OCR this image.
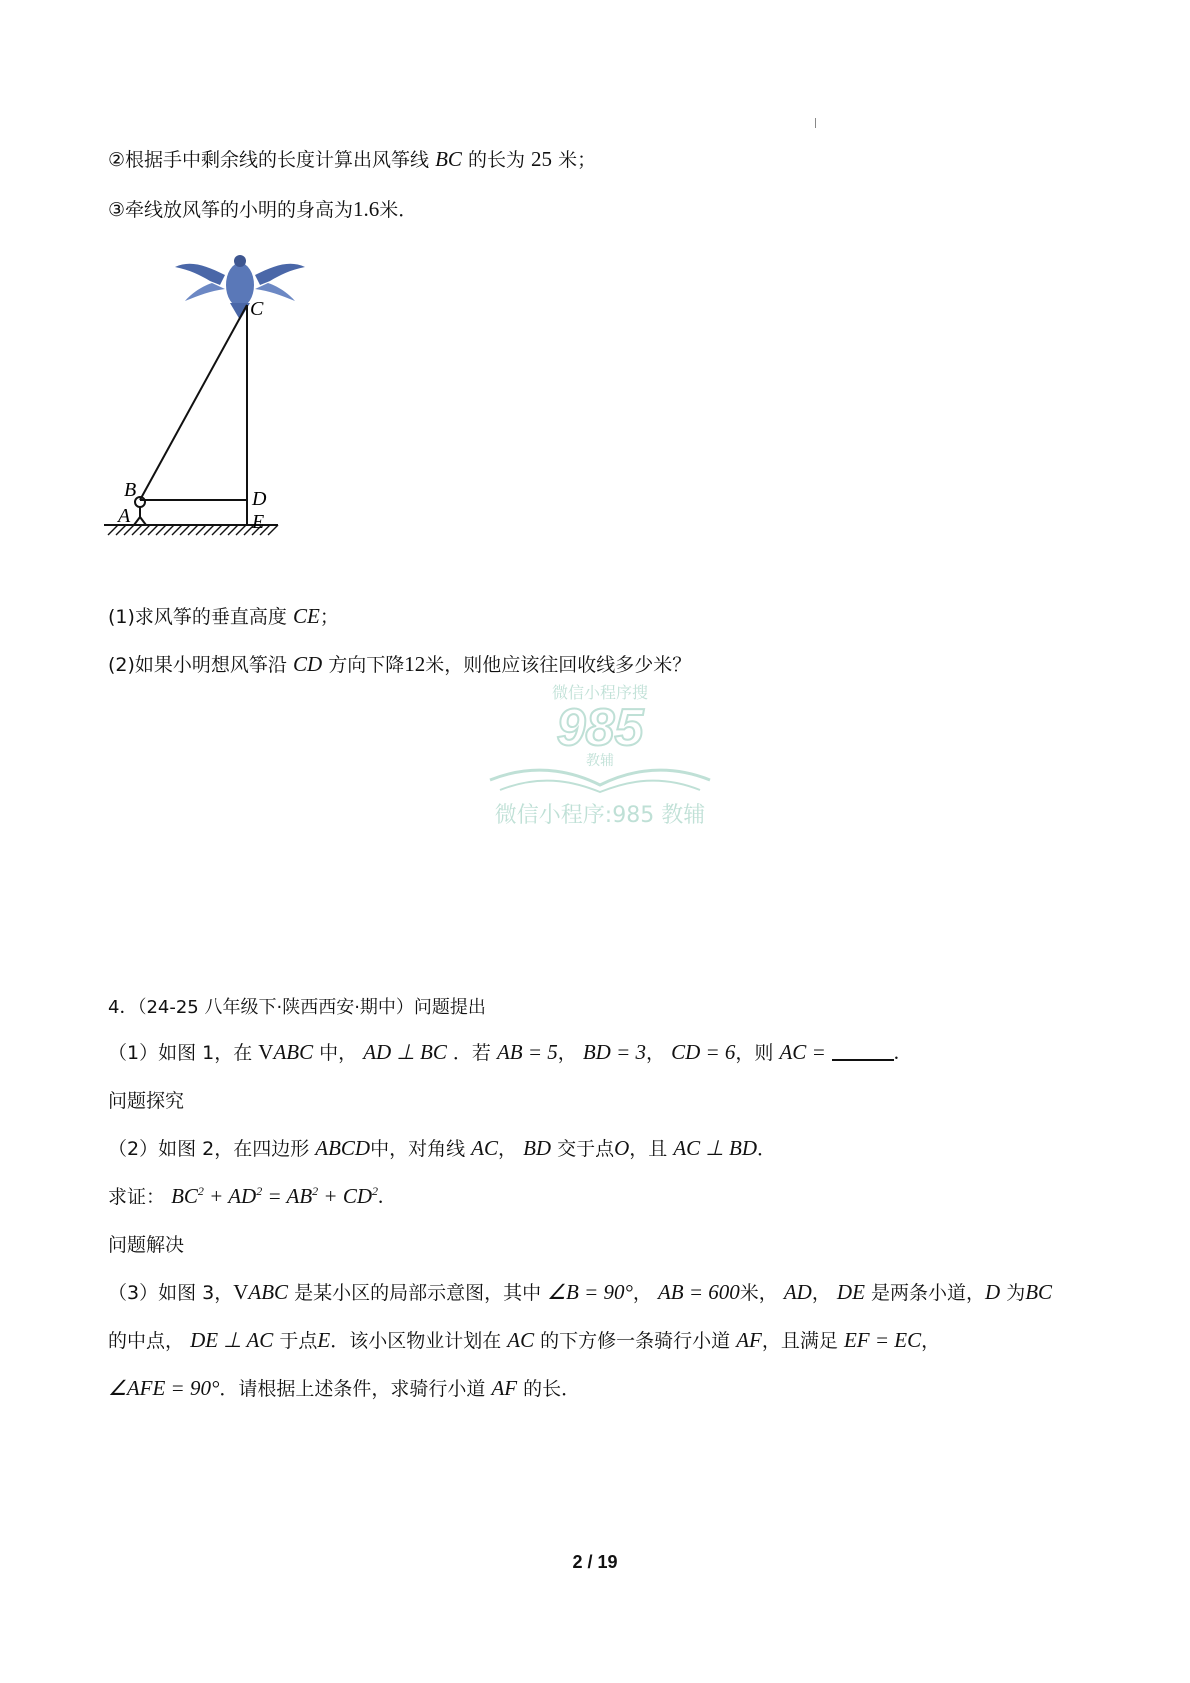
②根据手中剩余线的长度计算出风筝线 BC 的长为 25 米；
③牵线放风筝的小明的身高为1.6米．
C
B
A
D
E
(1)求风筝的垂直高度 CE；
(2)如果小明想风筝沿 CD 方向下降12米，则他应该往回收线多少米？
微信小程序搜
985
教辅
微信小程序:985 教辅
4．（24-25 八年级下·陕西西安·期中）问题提出
（1）如图 1，在 VABC 中， AD ⊥ BC ．若 AB = 5， BD = 3， CD = 6，则 AC =	.
问题探究
（2）如图 2，在四边形 ABCD中，对角线 AC， BD 交于点O，且 AC ⊥ BD．
求证： $BC^2 + AD^2 = AB^2 + CD^2$.
问题解决
（3）如图 3，VABC 是某小区的局部示意图，其中 ∠B = 90°， AB = 600米， AD， DE 是两条小道，D 为BC
的中点， DE ⊥ AC 于点E．该小区物业计划在 AC 的下方修一条骑行小道 AF，且满足 EF = EC，
∠AFE = 90°．请根据上述条件，求骑行小道 AF 的长．
2 / 19
